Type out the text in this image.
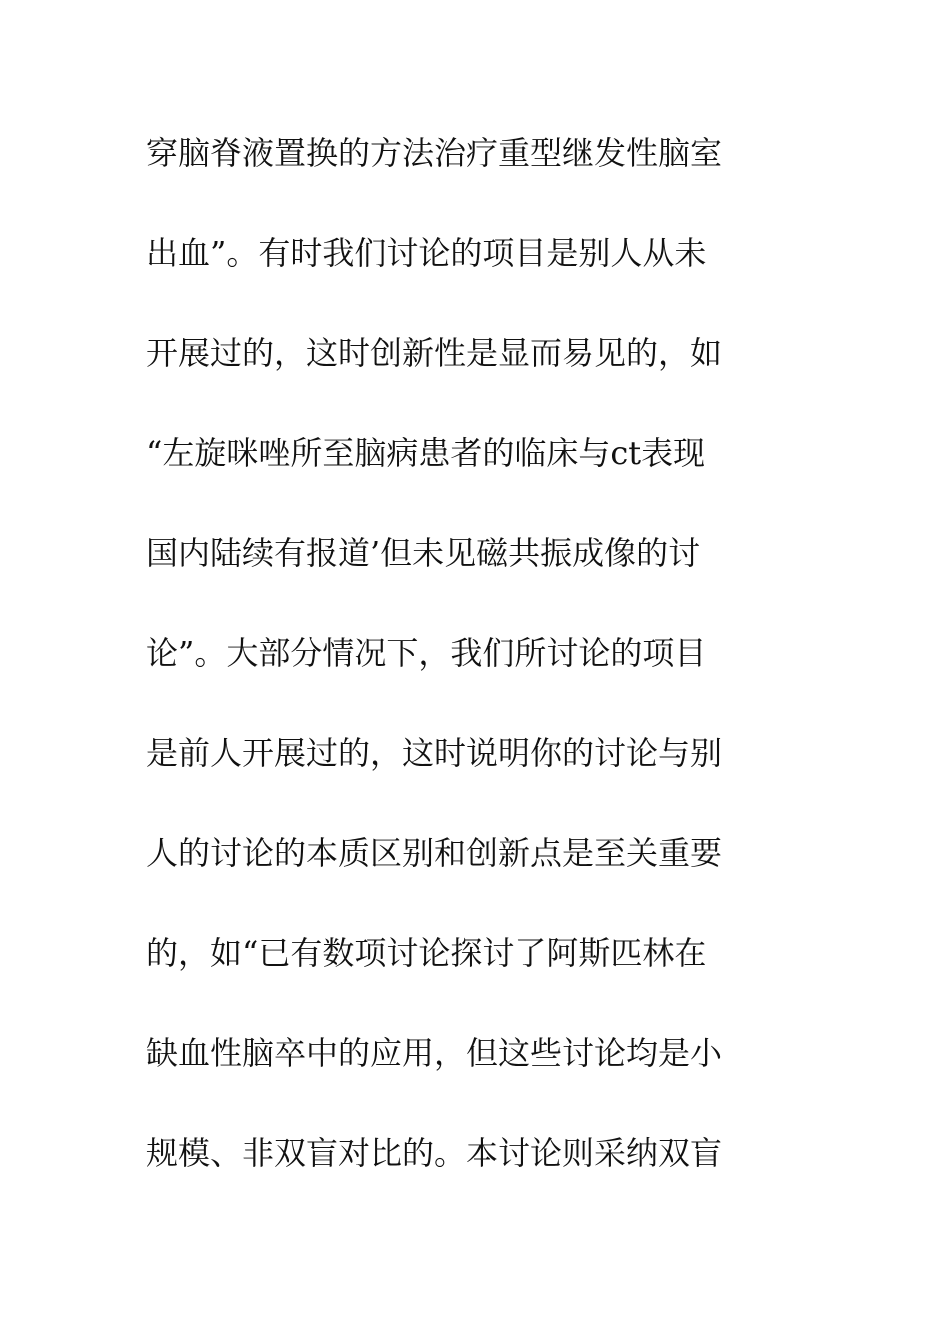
穿脑脊液置换的方法治疗重型继发性脑室
出血”。有时我们讨论的项目是别人从未
开展过的，这时创新性是显而易见的，如
“左旋咪唑所至脑病患者的临床与ct表现
国内陆续有报道’但未见磁共振成像的讨
论”。大部分情况下，我们所讨论的项目
是前人开展过的，这时说明你的讨论与别
人的讨论的本质区别和创新点是至关重要
的，如“已有数项讨论探讨了阿斯匹林在
缺血性脑卒中的应用，但这些讨论均是小
规模、非双盲对比的。本讨论则采纳双盲
